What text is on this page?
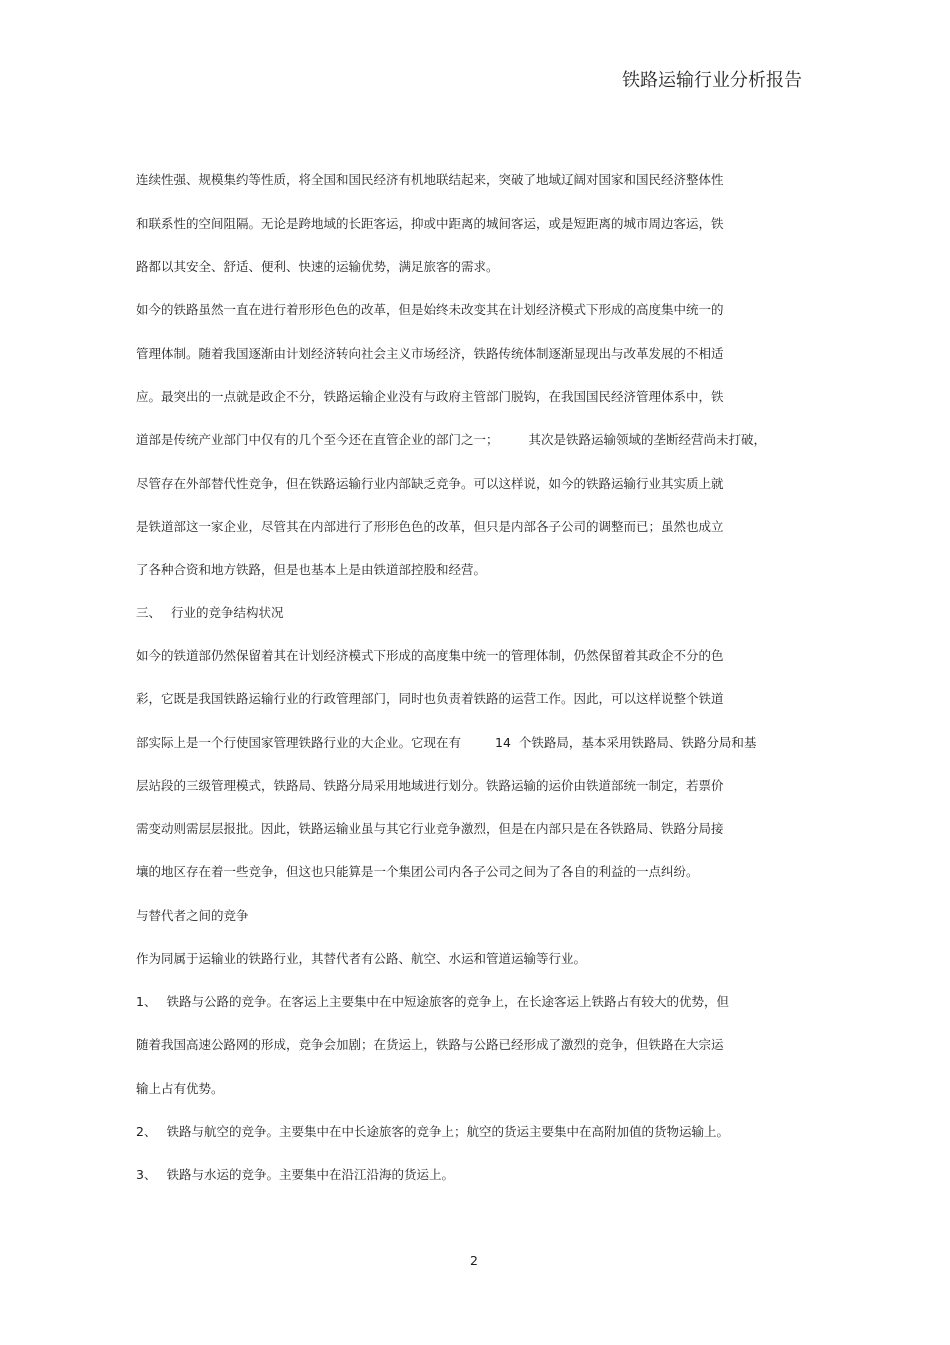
铁路运输行业分析报告
连续性强、规模集约等性质，将全国和国民经济有机地联结起来，突破了地域辽阔对国家和国民经济整体性
和联系性的空间阻隔。无论是跨地域的长距客运，抑或中距离的城间客运，或是短距离的城市周边客运，铁
路都以其安全、舒适、便利、快速的运输优势，满足旅客的需求。
如今的铁路虽然一直在进行着形形色色的改革，但是始终未改变其在计划经济模式下形成的高度集中统一的
管理体制。随着我国逐渐由计划经济转向社会主义市场经济，铁路传统体制逐渐显现出与改革发展的不相适
应。最突出的一点就是政企不分，铁路运输企业没有与政府主管部门脱钩，在我国国民经济管理体系中，铁
道部是传统产业部门中仅有的几个至今还在直管企业的部门之一； 其次是铁路运输领域的垄断经营尚未打破，
尽管存在外部替代性竞争，但在铁路运输行业内部缺乏竞争。可以这样说，如今的铁路运输行业其实质上就
是铁道部这一家企业，尽管其在内部进行了形形色色的改革，但只是内部各子公司的调整而已；虽然也成立
了各种合资和地方铁路，但是也基本上是由铁道部控股和经营。
三、 行业的竞争结构状况
如今的铁道部仍然保留着其在计划经济模式下形成的高度集中统一的管理体制，仍然保留着其政企不分的色
彩，它既是我国铁路运输行业的行政管理部门，同时也负责着铁路的运营工作。因此，可以这样说整个铁道
部实际上是一个行使国家管理铁路行业的大企业。它现在有	14 个铁路局，基本采用铁路局、铁路分局和基
层站段的三级管理模式，铁路局、铁路分局采用地域进行划分。铁路运输的运价由铁道部统一制定，若票价
需变动则需层层报批。因此，铁路运输业虽与其它行业竞争激烈，但是在内部只是在各铁路局、铁路分局接
壤的地区存在着一些竞争，但这也只能算是一个集团公司内各子公司之间为了各自的利益的一点纠纷。
与替代者之间的竞争
作为同属于运输业的铁路行业，其替代者有公路、航空、水运和管道运输等行业。
1、 铁路与公路的竞争。在客运上主要集中在中短途旅客的竞争上，在长途客运上铁路占有较大的优势，但
随着我国高速公路网的形成，竞争会加剧；在货运上，铁路与公路已经形成了激烈的竞争，但铁路在大宗运
输上占有优势。
2、 铁路与航空的竞争。主要集中在中长途旅客的竞争上；航空的货运主要集中在高附加值的货物运输上。
3、 铁路与水运的竞争。主要集中在沿江沿海的货运上。
2
